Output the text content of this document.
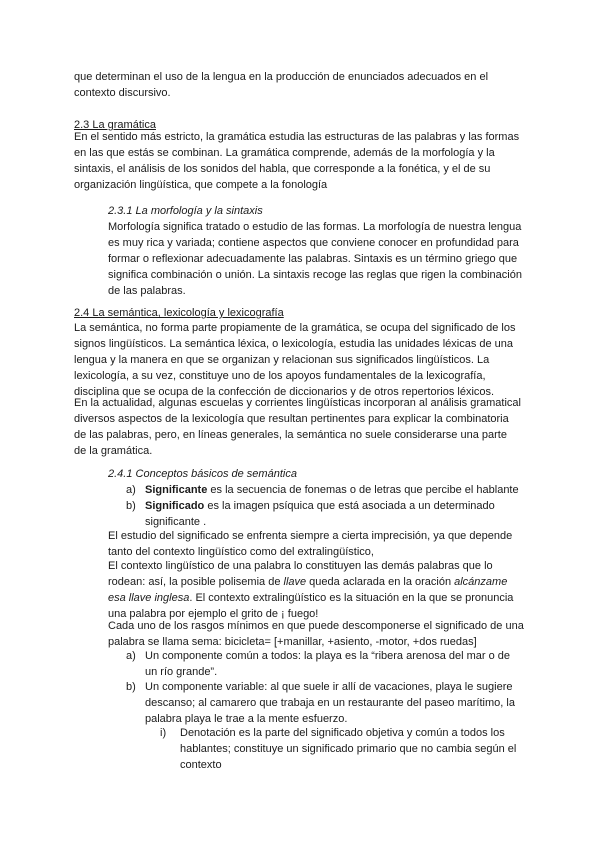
que determinan el uso de la lengua en la producción de enunciados adecuados en el contexto discursivo.

2.3 La gramática

En el sentido más estricto, la gramática estudia las estructuras de las palabras y las formas en las que estás se combinan. La gramática comprende, además de la morfología y la sintaxis, el análisis de los sonidos del habla, que corresponde a la fonética, y el de su organización lingüística, que compete a la fonología

2.3.1 La morfología y la sintaxis

Morfología significa tratado o estudio de las formas. La morfología de nuestra lengua es muy rica y variada; contiene aspectos que conviene conocer en profundidad para formar o reflexionar adecuadamente las palabras. Sintaxis es un término griego que significa combinación o unión. La sintaxis recoge las reglas que rigen la combinación de las palabras.

2.4 La semántica, lexicología y lexicografía

La semántica, no forma parte propiamente de la gramática, se ocupa del significado de los signos lingüísticos. La semántica léxica, o lexicología, estudia las unidades léxicas de una lengua y la manera en que se organizan y relacionan sus significados lingüísticos. La lexicología, a su vez, constituye uno de los apoyos fundamentales de la lexicografía, disciplina que se ocupa de la confección de diccionarios y de otros repertorios léxicos.

En la actualidad, algunas escuelas y corrientes lingüísticas incorporan al análisis gramatical diversos aspectos de la lexicología que resultan pertinentes para explicar la combinatoria de las palabras, pero, en líneas generales, la semántica no suele considerarse una parte de la gramática.

2.4.1 Conceptos básicos de semántica

a) Significante es la secuencia de fonemas o de letras que percibe el hablante

b) Significado es la imagen psíquica que está asociada a un determinado significante .

El estudio del significado se enfrenta siempre a cierta imprecisión, ya que depende tanto del contexto lingüístico como del extralingüístico,

El contexto lingüístico de una palabra lo constituyen las demás palabras que lo rodean: así, la posible polisemia de llave queda aclarada en la oración alcánzame esa llave inglesa. El contexto extralingüístico es la situación en la que se pronuncia una palabra por ejemplo el grito de ¡ fuego!

Cada uno de los rasgos mínimos en que puede descomponerse el significado de una palabra se llama sema: bicicleta= [+manillar, +asiento, -motor, +dos ruedas]

a) Un componente común a todos: la playa es la “ribera arenosa del mar o de un río grande”.

b) Un componente variable: al que suele ir allí de vacaciones, playa le sugiere descanso; al camarero que trabaja en un restaurante del paseo marítimo, la palabra playa le trae a la mente esfuerzo.

i) Denotación es la parte del significado objetiva y común a todos los hablantes; constituye un significado primario que no cambia según el contexto
